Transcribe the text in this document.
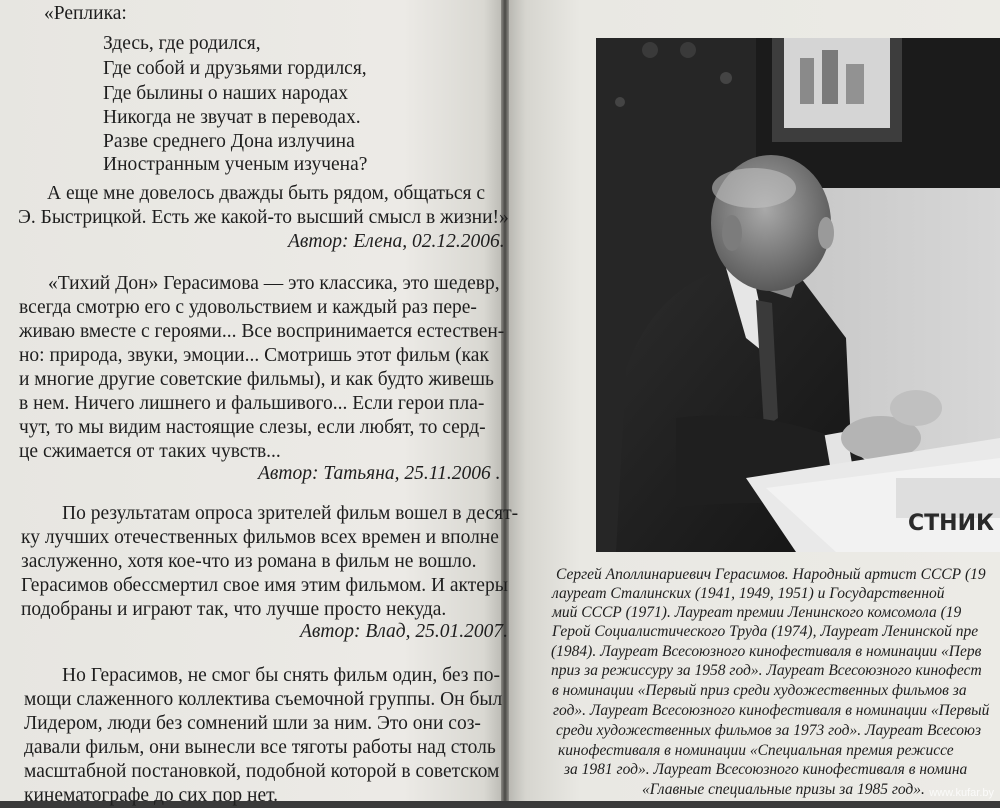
«Реплика:
Здесь, где родился,
Где собой и друзьями гордился,
Где былины о наших народах
Никогда не звучат в переводах.
Разве среднего Дона излучина
Иностранным ученым изучена?
А еще мне довелось дважды быть рядом, общаться с
Э. Быстрицкой. Есть же какой-то высший смысл в жизни!»
Автор: Елена, 02.12.2006.
«Тихий Дон» Герасимова — это классика, это шедевр,
всегда смотрю его с удовольствием и каждый раз пере-
живаю вместе с героями... Все воспринимается естествен-
но: природа, звуки, эмоции... Смотришь этот фильм (как
и многие другие советские фильмы), и как будто живешь
в нем. Ничего лишнего и фальшивого... Если герои пла-
чут, то мы видим настоящие слезы, если любят, то серд-
це сжимается от таких чувств...
Автор: Татьяна, 25.11.2006 .
По результатам опроса зрителей фильм вошел в десят-
ку лучших отечественных фильмов всех времен и вполне
заслуженно, хотя кое-что из романа в фильм не вошло.
Герасимов обессмертил свое имя этим фильмом. И актеры
подобраны и играют так, что лучше просто некуда.
Автор: Влад, 25.01.2007.
Но Герасимов, не смог бы снять фильм один, без по-
мощи слаженного коллектива съемочной группы. Он был
Лидером, люди без сомнений шли за ним. Это они соз-
давали фильм, они вынесли все тяготы работы над столь
масштабной постановкой, подобной которой в советском
кинематографе до сих пор нет.
СТНИК
Сергей Аполлинариевич Герасимов. Народный артист СССР (19
лауреат Сталинских (1941, 1949, 1951) и Государственной
мий СССР (1971). Лауреат премии Ленинского комсомола (19
Герой Социалистического Труда (1974), Лауреат Ленинской пре
(1984). Лауреат Всесоюзного кинофестиваля в номинации «Перв
приз за режиссуру за 1958 год». Лауреат Всесоюзного кинофест
в номинации «Первый приз среди художественных фильмов за
год». Лауреат Всесоюзного кинофестиваля в номинации «Первый
среди художественных фильмов за 1973 год». Лауреат Всесоюз
кинофестиваля в номинации «Специальная премия режиссе
за 1981 год». Лауреат Всесоюзного кинофестиваля в номина
«Главные специальные призы за 1985 год». www.kufar.by
